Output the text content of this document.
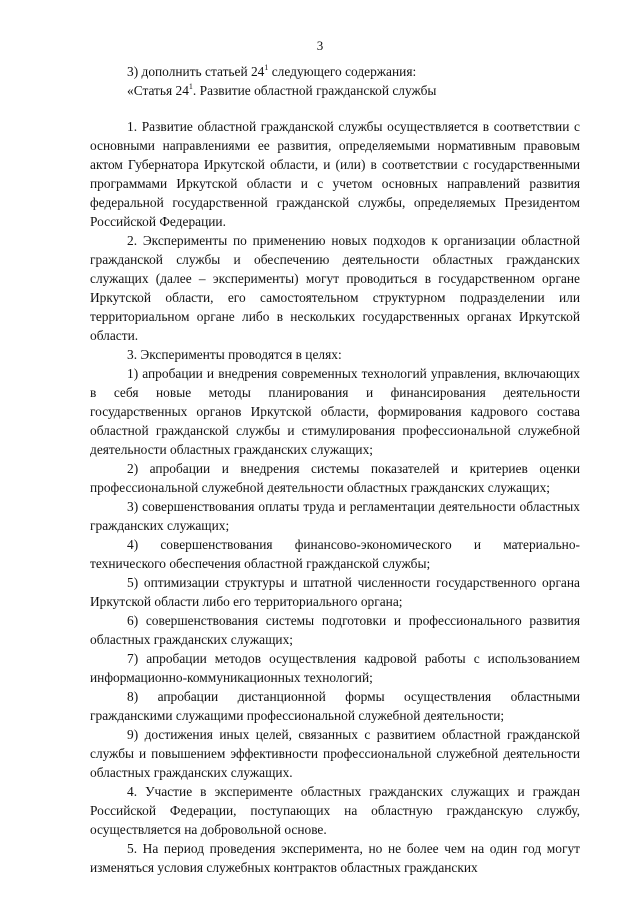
3

3) дополнить статьей $24^1$ следующего содержания:

«Статья $24^1$. Развитие областной гражданской службы

1. Развитие областной гражданской службы осуществляется в соответствии с основными направлениями ее развития, определяемыми нормативным правовым актом Губернатора Иркутской области, и (или) в соответствии с государственными программами Иркутской области и с учетом основных направлений развития федеральной государственной гражданской службы, определяемых Президентом Российской Федерации.

2. Эксперименты по применению новых подходов к организации областной гражданской службы и обеспечению деятельности областных гражданских служащих (далее – эксперименты) могут проводиться в государственном органе Иркутской области, его самостоятельном структурном подразделении или территориальном органе либо в нескольких государственных органах Иркутской области.

3. Эксперименты проводятся в целях:

1) апробации и внедрения современных технологий управления, включающих в себя новые методы планирования и финансирования деятельности государственных органов Иркутской области, формирования кадрового состава областной гражданской службы и стимулирования профессиональной служебной деятельности областных гражданских служащих;

2) апробации и внедрения системы показателей и критериев оценки профессиональной служебной деятельности областных гражданских служащих;

3) совершенствования оплаты труда и регламентации деятельности областных гражданских служащих;

4) совершенствования финансово-экономического и материально-технического обеспечения областной гражданской службы;

5) оптимизации структуры и штатной численности государственного органа Иркутской области либо его территориального органа;

6) совершенствования системы подготовки и профессионального развития областных гражданских служащих;

7) апробации методов осуществления кадровой работы с использованием информационно-коммуникационных технологий;

8) апробации дистанционной формы осуществления областными гражданскими служащими профессиональной служебной деятельности;

9) достижения иных целей, связанных с развитием областной гражданской службы и повышением эффективности профессиональной служебной деятельности областных гражданских служащих.

4. Участие в эксперименте областных гражданских служащих и граждан Российской Федерации, поступающих на областную гражданскую службу, осуществляется на добровольной основе.

5. На период проведения эксперимента, но не более чем на один год могут изменяться условия служебных контрактов областных гражданских
